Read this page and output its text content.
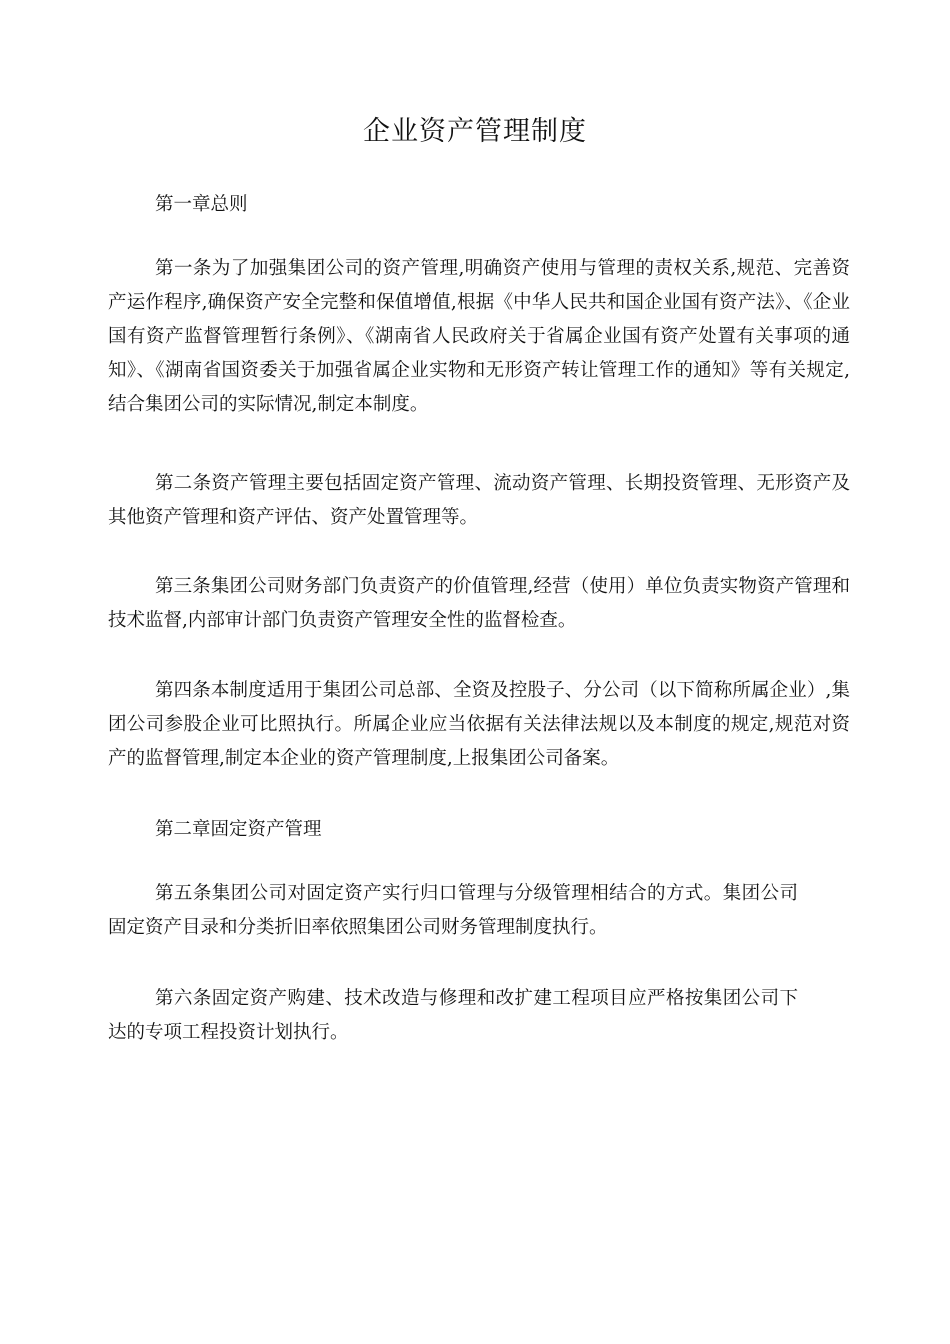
企业资产管理制度

第一章总则

第一条为了加强集团公司的资产管理,明确资产使用与管理的责权关系,规范、完善资产运作程序,确保资产安全完整和保值增值,根据《中华人民共和国企业国有资产法》、《企业国有资产监督管理暂行条例》、《湖南省人民政府关于省属企业国有资产处置有关事项的通知》、《湖南省国资委关于加强省属企业实物和无形资产转让管理工作的通知》等有关规定,结合集团公司的实际情况,制定本制度。

第二条资产管理主要包括固定资产管理、流动资产管理、长期投资管理、无形资产及其他资产管理和资产评估、资产处置管理等。

第三条集团公司财务部门负责资产的价值管理,经营（使用）单位负责实物资产管理和技术监督,内部审计部门负责资产管理安全性的监督检查。

第四条本制度适用于集团公司总部、全资及控股子、分公司（以下简称所属企业）,集团公司参股企业可比照执行。所属企业应当依据有关法律法规以及本制度的规定,规范对资产的监督管理,制定本企业的资产管理制度,上报集团公司备案。

第二章固定资产管理

第五条集团公司对固定资产实行归口管理与分级管理相结合的方式。集团公司固定资产目录和分类折旧率依照集团公司财务管理制度执行。

第六条固定资产购建、技术改造与修理和改扩建工程项目应严格按集团公司下达的专项工程投资计划执行。
